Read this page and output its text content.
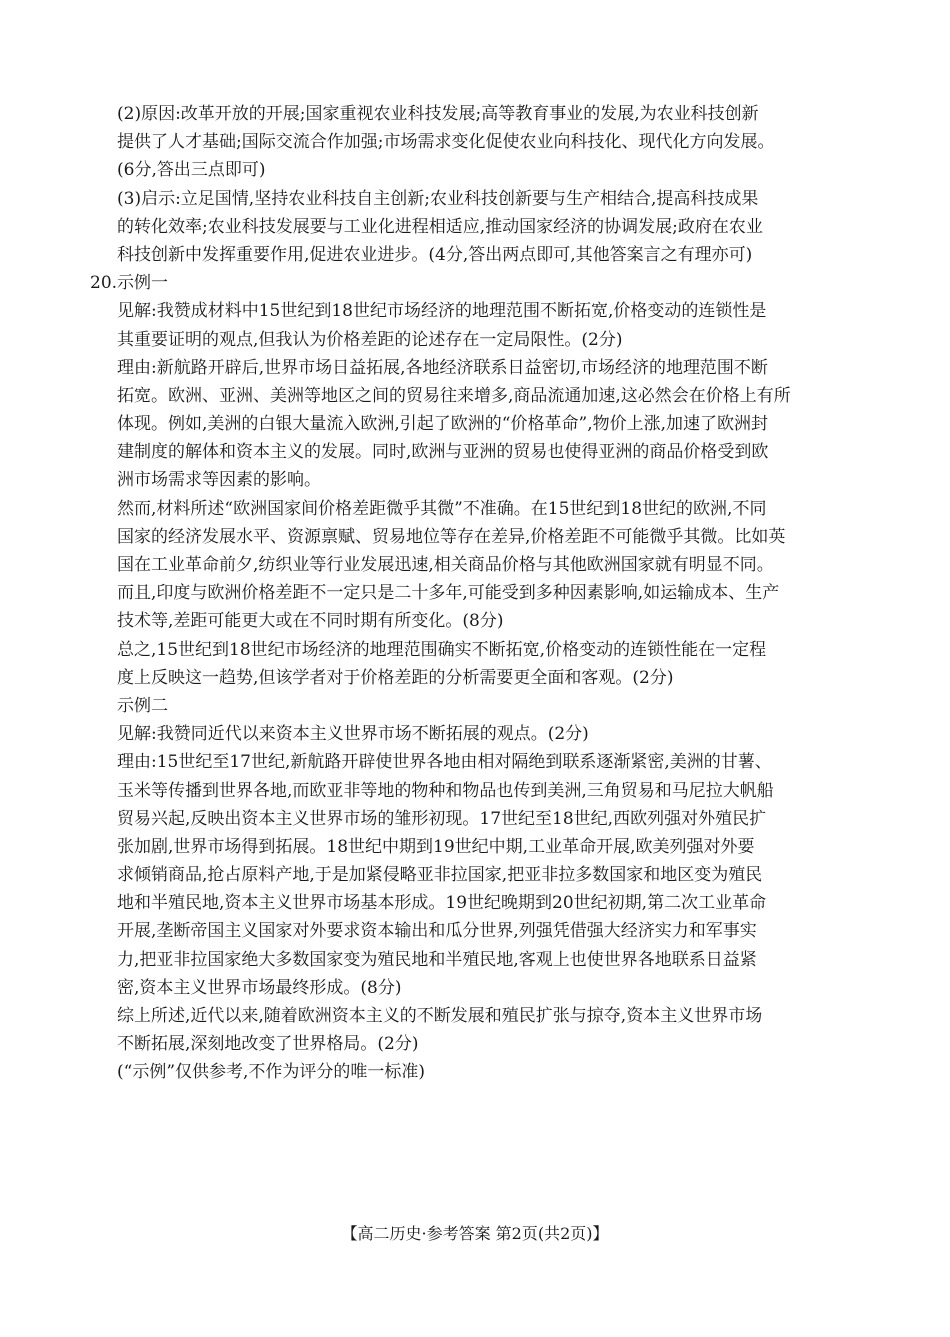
(2)原因:改革开放的开展;国家重视农业科技发展;高等教育事业的发展,为农业科技创新
提供了人才基础;国际交流合作加强;市场需求变化促使农业向科技化、现代化方向发展。
(6分,答出三点即可)
(3)启示:立足国情,坚持农业科技自主创新;农业科技创新要与生产相结合,提高科技成果
的转化效率;农业科技发展要与工业化进程相适应,推动国家经济的协调发展;政府在农业
科技创新中发挥重要作用,促进农业进步。(4分,答出两点即可,其他答案言之有理亦可)
20.示例一
见解:我赞成材料中15世纪到18世纪市场经济的地理范围不断拓宽,价格变动的连锁性是
其重要证明的观点,但我认为价格差距的论述存在一定局限性。(2分)
理由:新航路开辟后,世界市场日益拓展,各地经济联系日益密切,市场经济的地理范围不断
拓宽。欧洲、亚洲、美洲等地区之间的贸易往来增多,商品流通加速,这必然会在价格上有所
体现。例如,美洲的白银大量流入欧洲,引起了欧洲的“价格革命”,物价上涨,加速了欧洲封
建制度的解体和资本主义的发展。同时,欧洲与亚洲的贸易也使得亚洲的商品价格受到欧
洲市场需求等因素的影响。
然而,材料所述“欧洲国家间价格差距微乎其微”不准确。在15世纪到18世纪的欧洲,不同
国家的经济发展水平、资源禀赋、贸易地位等存在差异,价格差距不可能微乎其微。比如英
国在工业革命前夕,纺织业等行业发展迅速,相关商品价格与其他欧洲国家就有明显不同。
而且,印度与欧洲价格差距不一定只是二十多年,可能受到多种因素影响,如运输成本、生产
技术等,差距可能更大或在不同时期有所变化。(8分)
总之,15世纪到18世纪市场经济的地理范围确实不断拓宽,价格变动的连锁性能在一定程
度上反映这一趋势,但该学者对于价格差距的分析需要更全面和客观。(2分)
示例二
见解:我赞同近代以来资本主义世界市场不断拓展的观点。(2分)
理由:15世纪至17世纪,新航路开辟使世界各地由相对隔绝到联系逐渐紧密,美洲的甘薯、
玉米等传播到世界各地,而欧亚非等地的物种和物品也传到美洲,三角贸易和马尼拉大帆船
贸易兴起,反映出资本主义世界市场的雏形初现。17世纪至18世纪,西欧列强对外殖民扩
张加剧,世界市场得到拓展。18世纪中期到19世纪中期,工业革命开展,欧美列强对外要
求倾销商品,抢占原料产地,于是加紧侵略亚非拉国家,把亚非拉多数国家和地区变为殖民
地和半殖民地,资本主义世界市场基本形成。19世纪晚期到20世纪初期,第二次工业革命
开展,垄断帝国主义国家对外要求资本输出和瓜分世界,列强凭借强大经济实力和军事实
力,把亚非拉国家绝大多数国家变为殖民地和半殖民地,客观上也使世界各地联系日益紧
密,资本主义世界市场最终形成。(8分)
综上所述,近代以来,随着欧洲资本主义的不断发展和殖民扩张与掠夺,资本主义世界市场
不断拓展,深刻地改变了世界格局。(2分)
(“示例”仅供参考,不作为评分的唯一标准)
【高二历史·参考答案 第2页(共2页)】
